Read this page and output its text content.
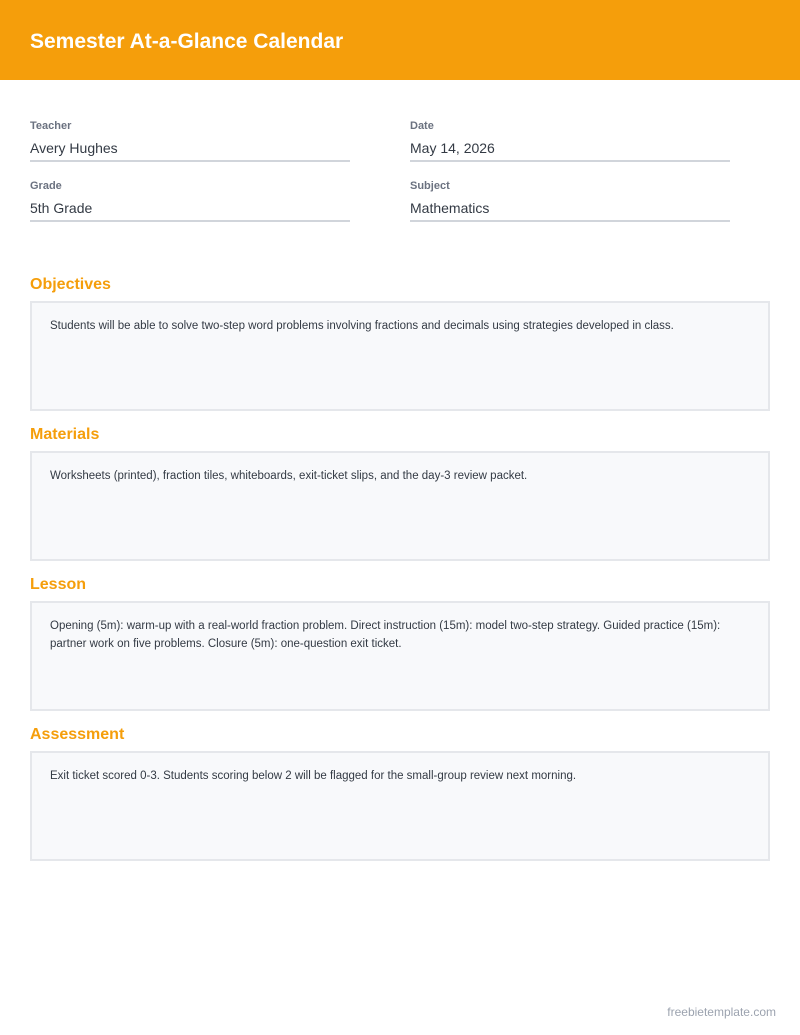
Semester At-a-Glance Calendar
Teacher
Avery Hughes
Date
May 14, 2026
Grade
5th Grade
Subject
Mathematics
Objectives
Students will be able to solve two-step word problems involving fractions and decimals using strategies developed in class.
Materials
Worksheets (printed), fraction tiles, whiteboards, exit-ticket slips, and the day-3 review packet.
Lesson
Opening (5m): warm-up with a real-world fraction problem. Direct instruction (15m): model two-step strategy. Guided practice (15m): partner work on five problems. Closure (5m): one-question exit ticket.
Assessment
Exit ticket scored 0-3. Students scoring below 2 will be flagged for the small-group review next morning.
freebietemplate.com
